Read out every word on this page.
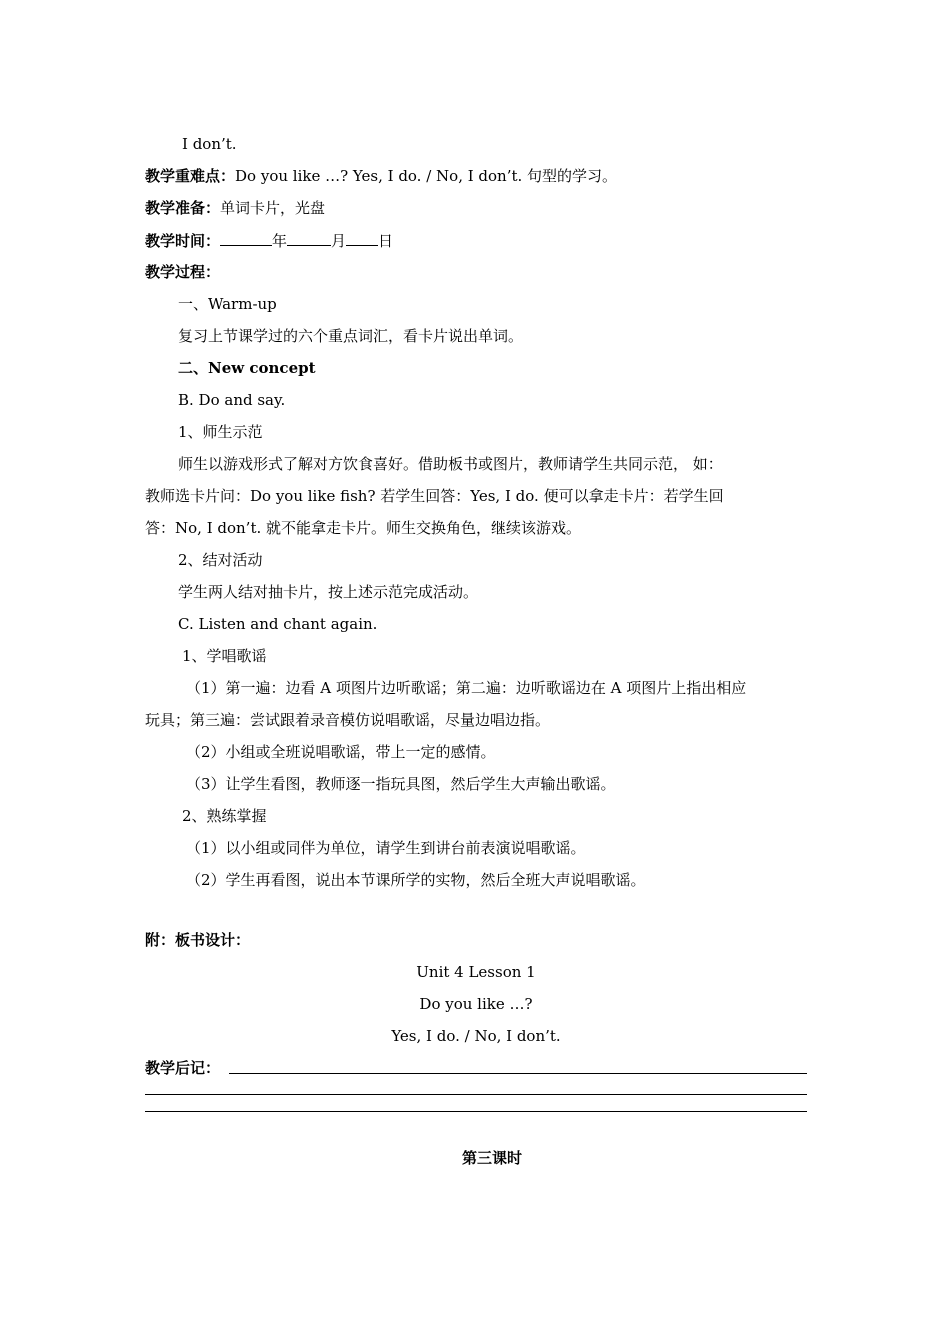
I don’t.
教学重难点：Do you like …? Yes, I do. / No, I don’t. 句型的学习。
教学准备：单词卡片，光盘
教学时间：	年	月 日
教学过程：
一、Warm-up
复习上节课学过的六个重点词汇，看卡片说出单词。
二、New concept
B. Do and say.
1、师生示范
师生以游戏形式了解对方饮食喜好。借助板书或图片，教师请学生共同示范， 如：
教师选卡片问：Do you like fish? 若学生回答：Yes, I do. 便可以拿走卡片：若学生回
答：No, I don’t. 就不能拿走卡片。师生交换角色，继续该游戏。
2、结对活动
学生两人结对抽卡片，按上述示范完成活动。
C. Listen and chant again.
1、学唱歌谣
（1）第一遍：边看 A 项图片边听歌谣；第二遍：边听歌谣边在 A 项图片上指出相应
玩具；第三遍：尝试跟着录音模仿说唱歌谣，尽量边唱边指。
（2）小组或全班说唱歌谣，带上一定的感情。
（3）让学生看图，教师逐一指玩具图，然后学生大声输出歌谣。
2、熟练掌握
（1）以小组或同伴为单位，请学生到讲台前表演说唱歌谣。
（2）学生再看图，说出本节课所学的实物，然后全班大声说唱歌谣。
附：板书设计：
Unit 4 Lesson 1
Do you like …?
Yes, I do. / No, I don’t.
教学后记：
第三课时
